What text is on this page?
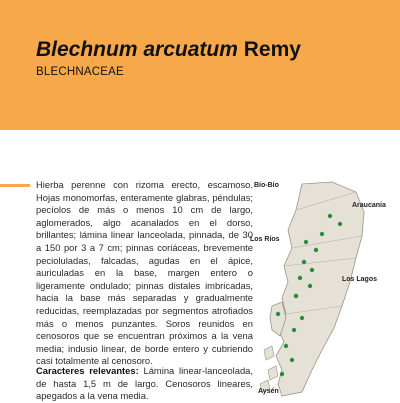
Blechnum arcuatum Remy
BLECHNACEAE

Hierba perenne con rizoma erecto, escamoso. Hojas monomorfas, enteramente glabras, péndulas; pecíolos de más o menos 10 cm de largo, aglomerados, algo acanalados en el dorso, brillantes; lámina linear lanceolada, pinnada, de 30 a 150 por 3 a 7 cm; pinnas coriáceas, brevemente pecioluladas, falcadas, agudas en el ápice, auriculadas en la base, margen entero o ligeramente ondulado; pinnas distales imbricadas, hacia la base más separadas y gradualmente reducidas, reemplazadas por segmentos atrofiados más o menos punzantes. Soros reunidos en cenosoros que se encuentran próximos a la vena media; indusio linear, de borde entero y cubriendo casi totalmente al cenosoro.

Caracteres relevantes: Lámina linear-lanceolada, de hasta 1,5 m de largo. Cenosoros lineares, apegados a la vena media.

Bío-Bío
Araucanía
Los Ríos
Los Lagos
Aysén
